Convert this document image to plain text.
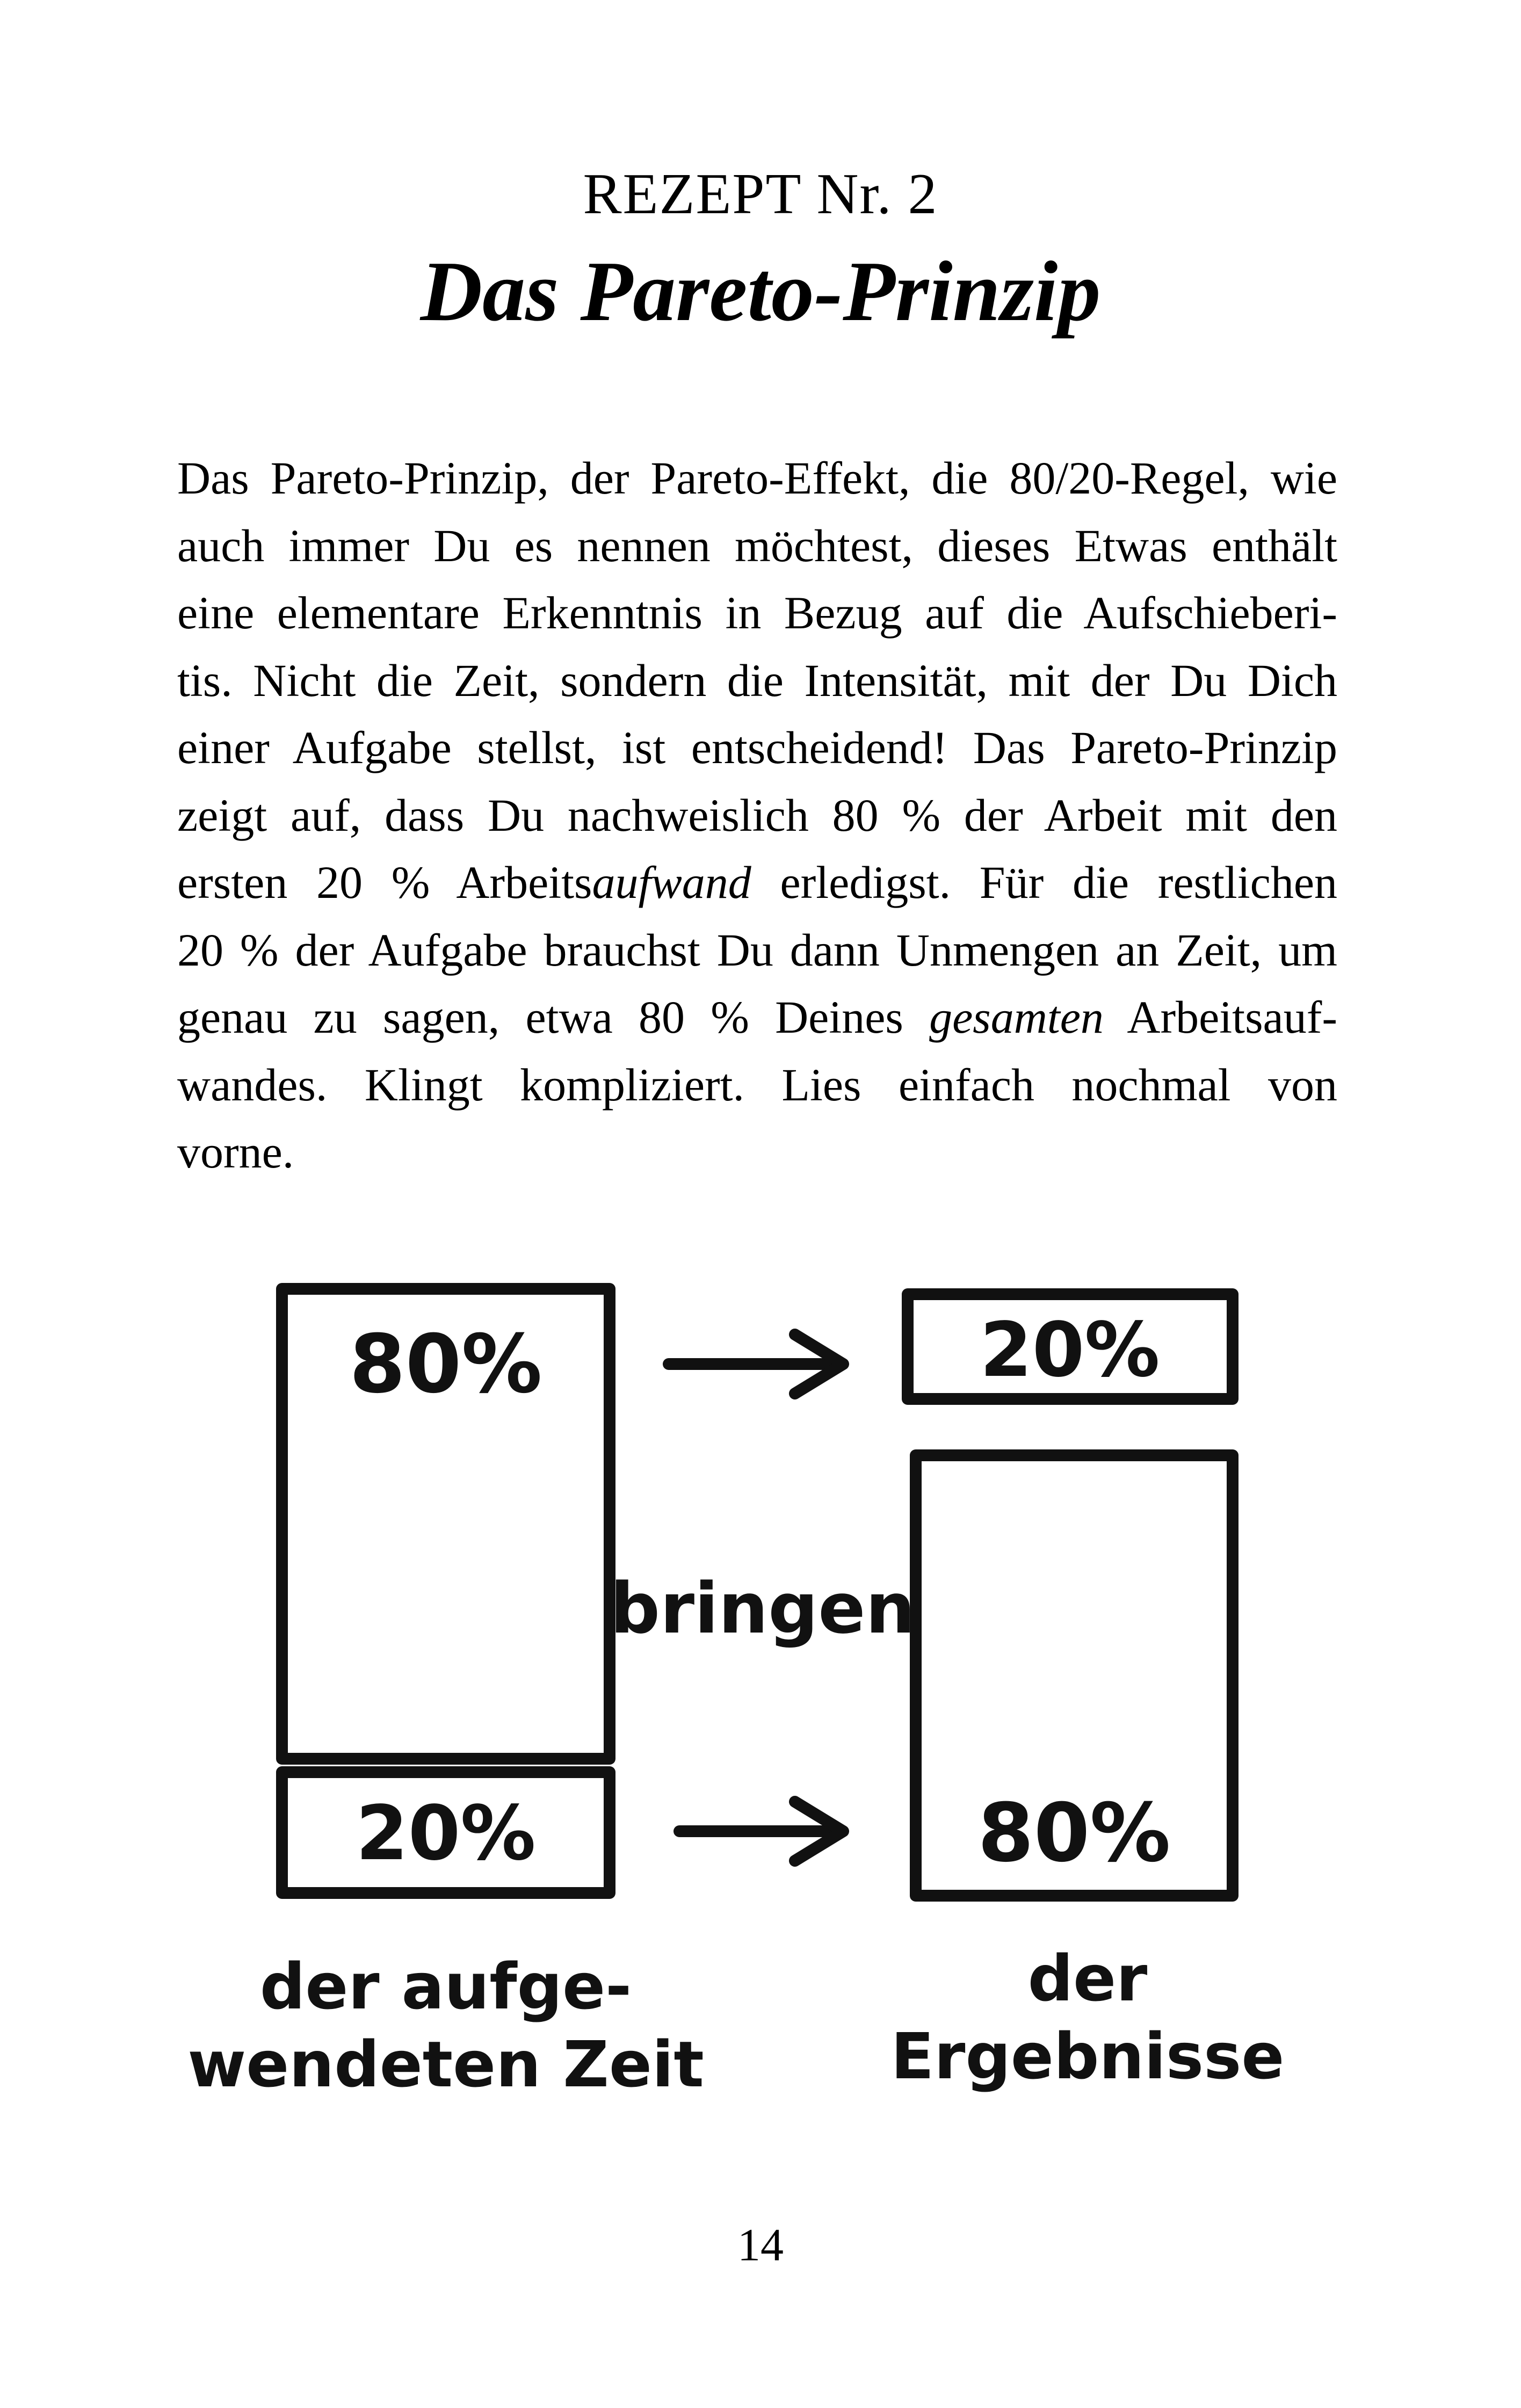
REZEPT Nr. 2
Das Pareto-Prinzip
Das Pareto-Prinzip, der Pareto-Effekt, die 80/20-Regel, wie
auch immer Du es nennen möchtest, dieses Etwas enthält
eine elementare Erkenntnis in Bezug auf die Aufschieberi-
tis. Nicht die Zeit, sondern die Intensität, mit der Du Dich
einer Aufgabe stellst, ist entscheidend! Das Pareto-Prinzip
zeigt auf, dass Du nachweislich 80 % der Arbeit mit den
ersten 20 % Arbeitsaufwand erledigst. Für die restlichen
20 % der Aufgabe brauchst Du dann Unmengen an Zeit, um
genau zu sagen, etwa 80 % Deines gesamten Arbeitsauf-
wandes. Klingt kompliziert. Lies einfach nochmal von
vorne.
80%
20%
20%
80%
bringen
der aufge-
wendeten Zeit
der
Ergebnisse
14
